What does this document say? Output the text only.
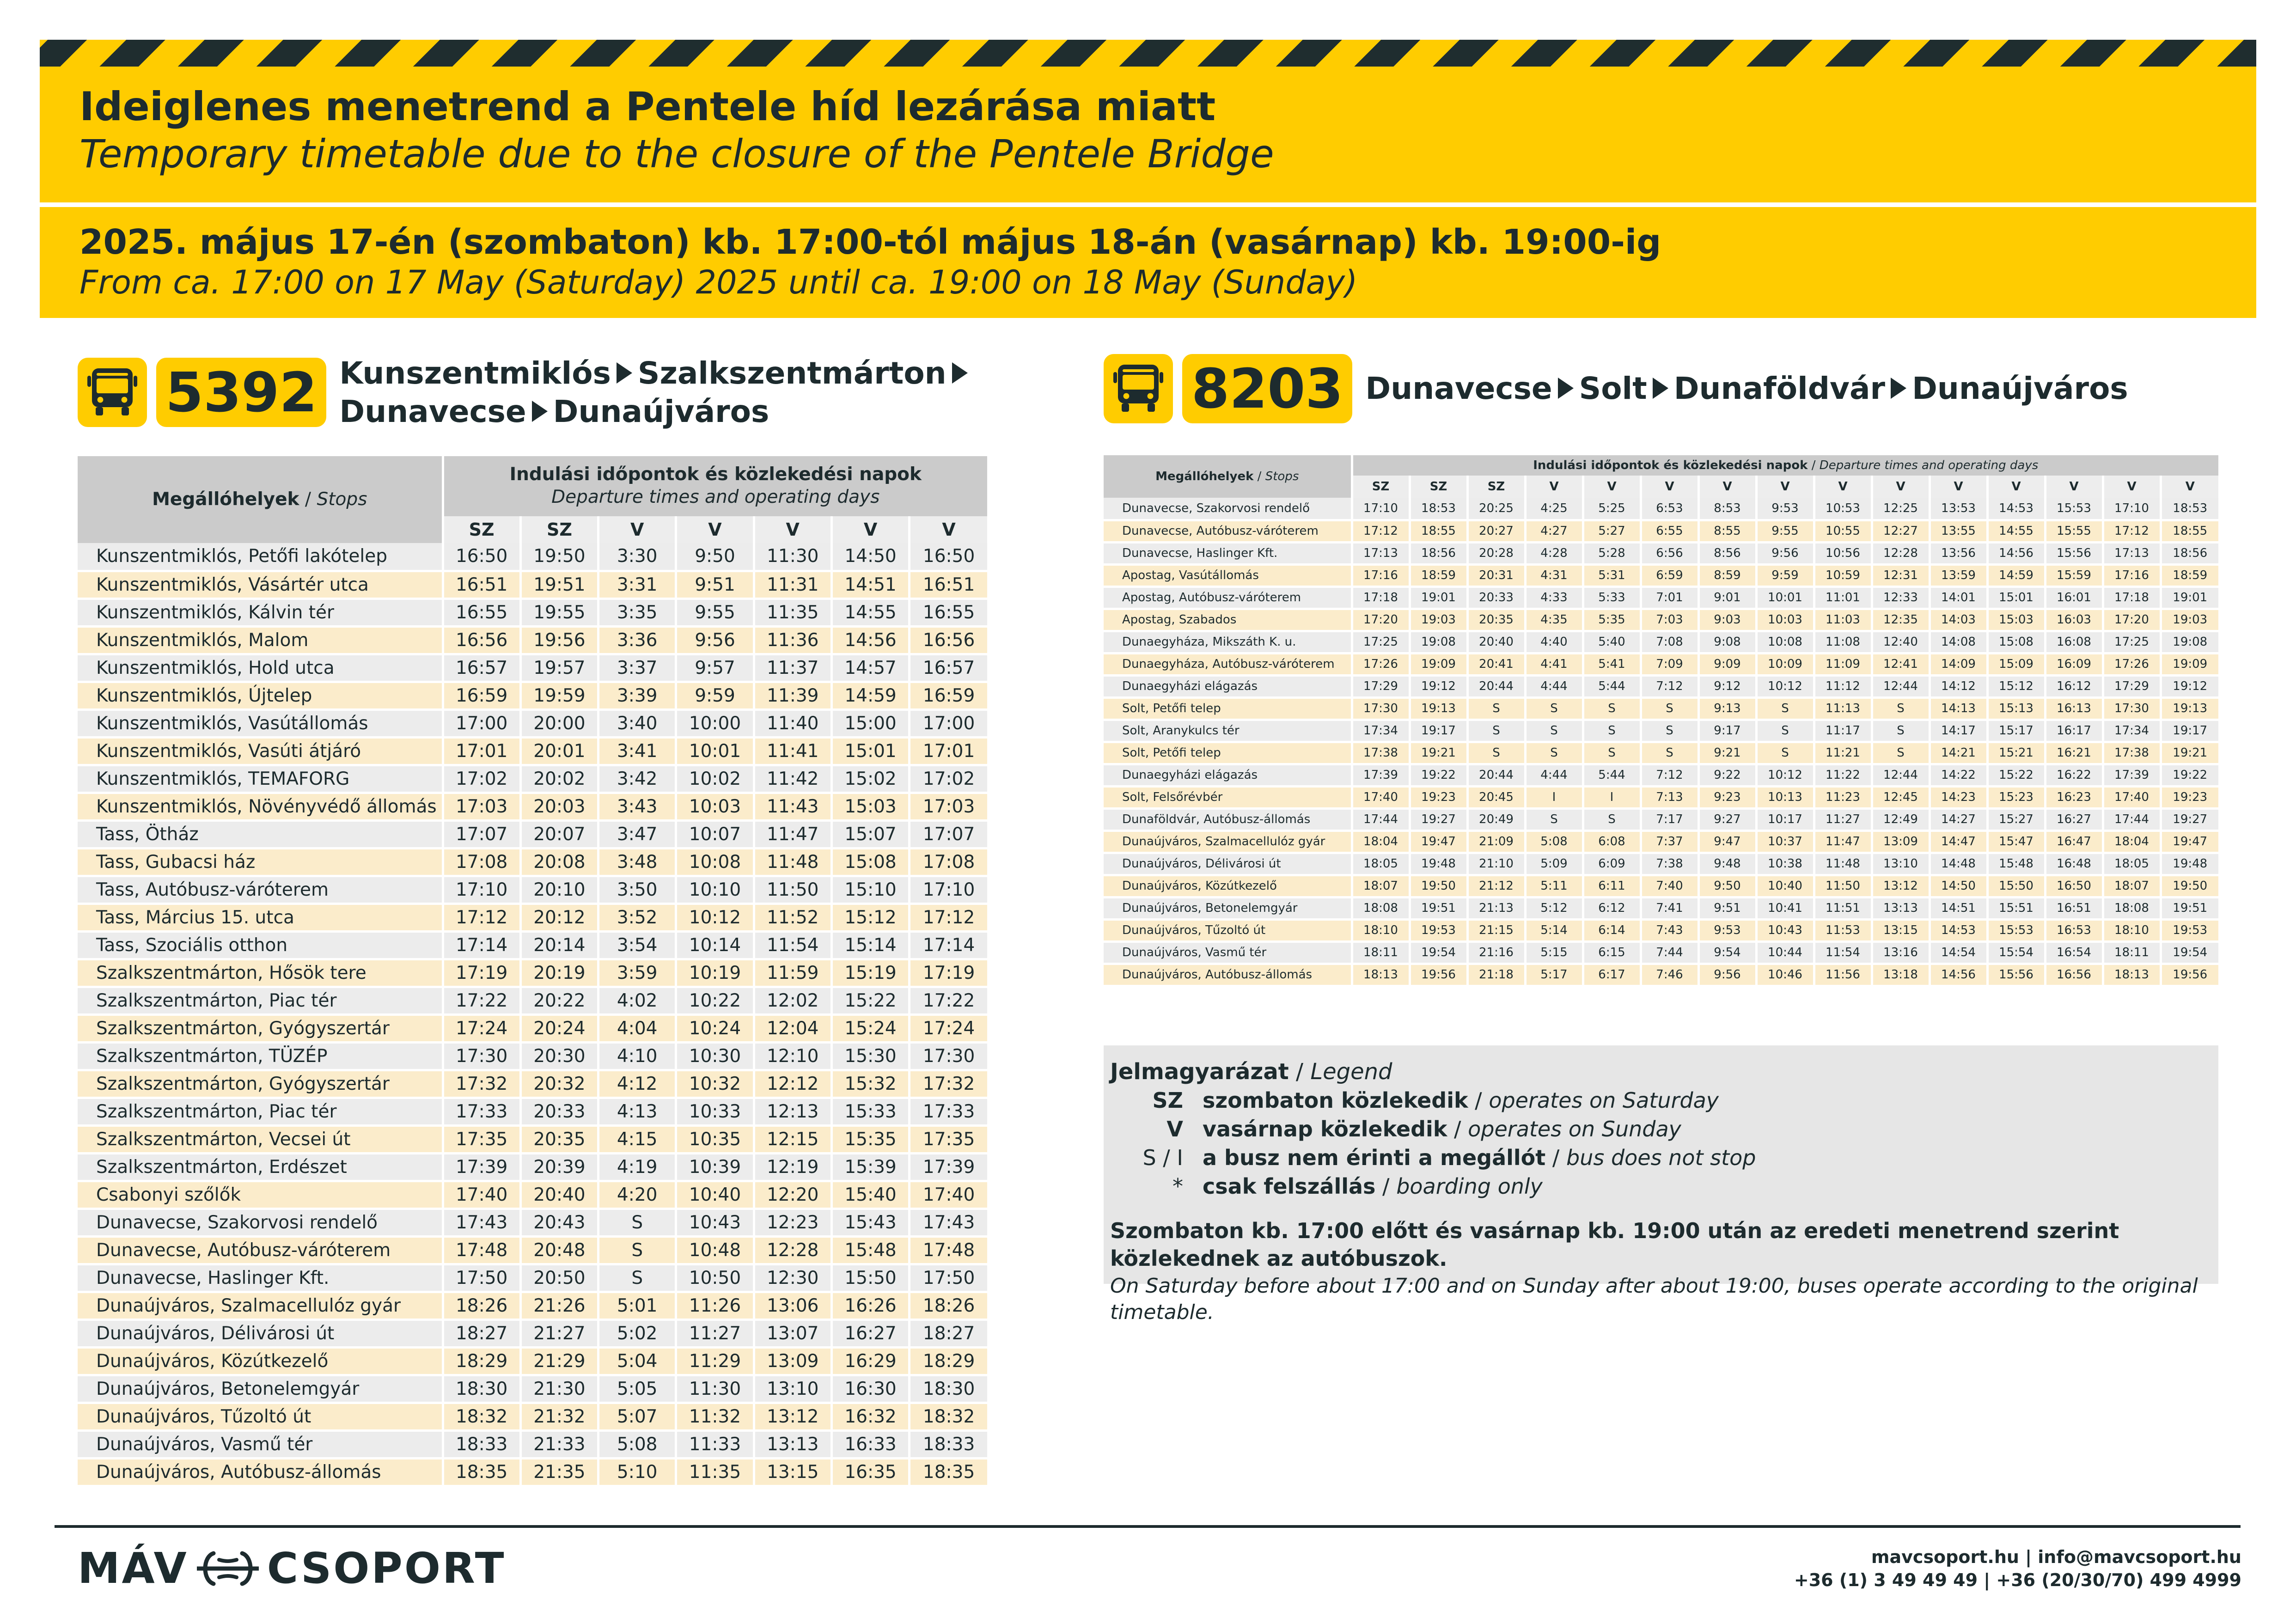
Ideiglenes menetrend a Pentele híd lezárása miatt
Temporary timetable due to the closure of the Pentele Bridge
2025. május 17-én (szombaton) kb. 17:00-tól május 18-án (vasárnap) kb. 19:00-ig
From ca. 17:00 on 17 May (Saturday) 2025 until ca. 19:00 on 18 May (Sunday)
5392 Kunszentmiklós Szalkszentmárton
Dunavecse Dunaújváros
Megállóhelyek / Stops	Indulási időpontok és közlekedési napok
Departure times and operating days						

	SZ	SZ	V	V	V	V	V
Kunszentmiklós, Petőfi lakótelep	16:50	19:50	3:30	9:50	11:30	14:50	16:50
Kunszentmiklós, Vásártér utca	16:51	19:51	3:31	9:51	11:31	14:51	16:51
Kunszentmiklós, Kálvin tér	16:55	19:55	3:35	9:55	11:35	14:55	16:55
Kunszentmiklós, Malom	16:56	19:56	3:36	9:56	11:36	14:56	16:56
Kunszentmiklós, Hold utca	16:57	19:57	3:37	9:57	11:37	14:57	16:57
Kunszentmiklós, Újtelep	16:59	19:59	3:39	9:59	11:39	14:59	16:59
Kunszentmiklós, Vasútállomás	17:00	20:00	3:40	10:00	11:40	15:00	17:00
Kunszentmiklós, Vasúti átjáró	17:01	20:01	3:41	10:01	11:41	15:01	17:01
Kunszentmiklós, TEMAFORG	17:02	20:02	3:42	10:02	11:42	15:02	17:02
Kunszentmiklós, Növényvédő állomás	17:03	20:03	3:43	10:03	11:43	15:03	17:03
Tass, Ötház	17:07	20:07	3:47	10:07	11:47	15:07	17:07
Tass, Gubacsi ház	17:08	20:08	3:48	10:08	11:48	15:08	17:08
Tass, Autóbusz-váróterem	17:10	20:10	3:50	10:10	11:50	15:10	17:10
Tass, Március 15. utca	17:12	20:12	3:52	10:12	11:52	15:12	17:12
Tass, Szociális otthon	17:14	20:14	3:54	10:14	11:54	15:14	17:14
Szalkszentmárton, Hősök tere	17:19	20:19	3:59	10:19	11:59	15:19	17:19
Szalkszentmárton, Piac tér	17:22	20:22	4:02	10:22	12:02	15:22	17:22
Szalkszentmárton, Gyógyszertár	17:24	20:24	4:04	10:24	12:04	15:24	17:24
Szalkszentmárton, TÜZÉP	17:30	20:30	4:10	10:30	12:10	15:30	17:30
Szalkszentmárton, Gyógyszertár	17:32	20:32	4:12	10:32	12:12	15:32	17:32
Szalkszentmárton, Piac tér	17:33	20:33	4:13	10:33	12:13	15:33	17:33
Szalkszentmárton, Vecsei út	17:35	20:35	4:15	10:35	12:15	15:35	17:35
Szalkszentmárton, Erdészet	17:39	20:39	4:19	10:39	12:19	15:39	17:39
Csabonyi szőlők	17:40	20:40	4:20	10:40	12:20	15:40	17:40
Dunavecse, Szakorvosi rendelő	17:43	20:43	S	10:43	12:23	15:43	17:43
Dunavecse, Autóbusz-váróterem	17:48	20:48	S	10:48	12:28	15:48	17:48
Dunavecse, Haslinger Kft.	17:50	20:50	S	10:50	12:30	15:50	17:50
Dunaújváros, Szalmacellulóz gyár	18:26	21:26	5:01	11:26	13:06	16:26	18:26
Dunaújváros, Délivárosi út	18:27	21:27	5:02	11:27	13:07	16:27	18:27
Dunaújváros, Közútkezelő	18:29	21:29	5:04	11:29	13:09	16:29	18:29
Dunaújváros, Betonelemgyár	18:30	21:30	5:05	11:30	13:10	16:30	18:30
Dunaújváros, Tűzoltó út	18:32	21:32	5:07	11:32	13:12	16:32	18:32
Dunaújváros, Vasmű tér	18:33	21:33	5:08	11:33	13:13	16:33	18:33
Dunaújváros, Autóbusz-állomás	18:35	21:35	5:10	11:35	13:15	16:35	18:35
8203 Dunavecse Solt Dunaföldvár Dunaújváros
Megállóhelyek / Stops	Indulási időpontok és közlekedési napok / Departure times and operating days														
	SZ	SZ	SZ	V	V	V	V	V	V	V	V	V	V	V	V
Dunavecse, Szakorvosi rendelő	17:10	18:53	20:25	4:25	5:25	6:53	8:53	9:53	10:53	12:25	13:53	14:53	15:53	17:10	18:53
Dunavecse, Autóbusz-váróterem	17:12	18:55	20:27	4:27	5:27	6:55	8:55	9:55	10:55	12:27	13:55	14:55	15:55	17:12	18:55
Dunavecse, Haslinger Kft.	17:13	18:56	20:28	4:28	5:28	6:56	8:56	9:56	10:56	12:28	13:56	14:56	15:56	17:13	18:56
Apostag, Vasútállomás	17:16	18:59	20:31	4:31	5:31	6:59	8:59	9:59	10:59	12:31	13:59	14:59	15:59	17:16	18:59
Apostag, Autóbusz-váróterem	17:18	19:01	20:33	4:33	5:33	7:01	9:01	10:01	11:01	12:33	14:01	15:01	16:01	17:18	19:01
Apostag, Szabados	17:20	19:03	20:35	4:35	5:35	7:03	9:03	10:03	11:03	12:35	14:03	15:03	16:03	17:20	19:03
Dunaegyháza, Mikszáth K. u.	17:25	19:08	20:40	4:40	5:40	7:08	9:08	10:08	11:08	12:40	14:08	15:08	16:08	17:25	19:08
Dunaegyháza, Autóbusz-váróterem	17:26	19:09	20:41	4:41	5:41	7:09	9:09	10:09	11:09	12:41	14:09	15:09	16:09	17:26	19:09
Dunaegyházi elágazás	17:29	19:12	20:44	4:44	5:44	7:12	9:12	10:12	11:12	12:44	14:12	15:12	16:12	17:29	19:12
Solt, Petőfi telep	17:30	19:13	S	S	S	S	9:13	S	11:13	S	14:13	15:13	16:13	17:30	19:13
Solt, Aranykulcs tér	17:34	19:17	S	S	S	S	9:17	S	11:17	S	14:17	15:17	16:17	17:34	19:17
Solt, Petőfi telep	17:38	19:21	S	S	S	S	9:21	S	11:21	S	14:21	15:21	16:21	17:38	19:21
Dunaegyházi elágazás	17:39	19:22	20:44	4:44	5:44	7:12	9:22	10:12	11:22	12:44	14:22	15:22	16:22	17:39	19:22
Solt, Felsőrévbér	17:40	19:23	20:45	I	I	7:13	9:23	10:13	11:23	12:45	14:23	15:23	16:23	17:40	19:23
Dunaföldvár, Autóbusz-állomás	17:44	19:27	20:49	S	S	7:17	9:27	10:17	11:27	12:49	14:27	15:27	16:27	17:44	19:27
Dunaújváros, Szalmacellulóz gyár	18:04	19:47	21:09	5:08	6:08	7:37	9:47	10:37	11:47	13:09	14:47	15:47	16:47	18:04	19:47
Dunaújváros, Délivárosi út	18:05	19:48	21:10	5:09	6:09	7:38	9:48	10:38	11:48	13:10	14:48	15:48	16:48	18:05	19:48
Dunaújváros, Közútkezelő	18:07	19:50	21:12	5:11	6:11	7:40	9:50	10:40	11:50	13:12	14:50	15:50	16:50	18:07	19:50
Dunaújváros, Betonelemgyár	18:08	19:51	21:13	5:12	6:12	7:41	9:51	10:41	11:51	13:13	14:51	15:51	16:51	18:08	19:51
Dunaújváros, Tűzoltó út	18:10	19:53	21:15	5:14	6:14	7:43	9:53	10:43	11:53	13:15	14:53	15:53	16:53	18:10	19:53
Dunaújváros, Vasmű tér	18:11	19:54	21:16	5:15	6:15	7:44	9:54	10:44	11:54	13:16	14:54	15:54	16:54	18:11	19:54
Dunaújváros, Autóbusz-állomás	18:13	19:56	21:18	5:17	6:17	7:46	9:56	10:46	11:56	13:18	14:56	15:56	16:56	18:13	19:56
Jelmagyarázat / Legend
SZ szombaton közlekedik / operates on Saturday
V vasárnap közlekedik / operates on Sunday
S / I a busz nem érinti a megállót / bus does not stop
* csak felszállás / boarding only
Szombaton kb. 17:00 előtt és vasárnap kb. 19:00 után az eredeti menetrend szerint közlekednek az autóbuszok.
On Saturday before about 17:00 and on Sunday after about 19:00, buses operate according to the original timetable.
MÁV CSOPORT	mavcsoport.hu | info@mavcsoport.hu
+36 (1) 3 49 49 49 | +36 (20/30/70) 499 4999
